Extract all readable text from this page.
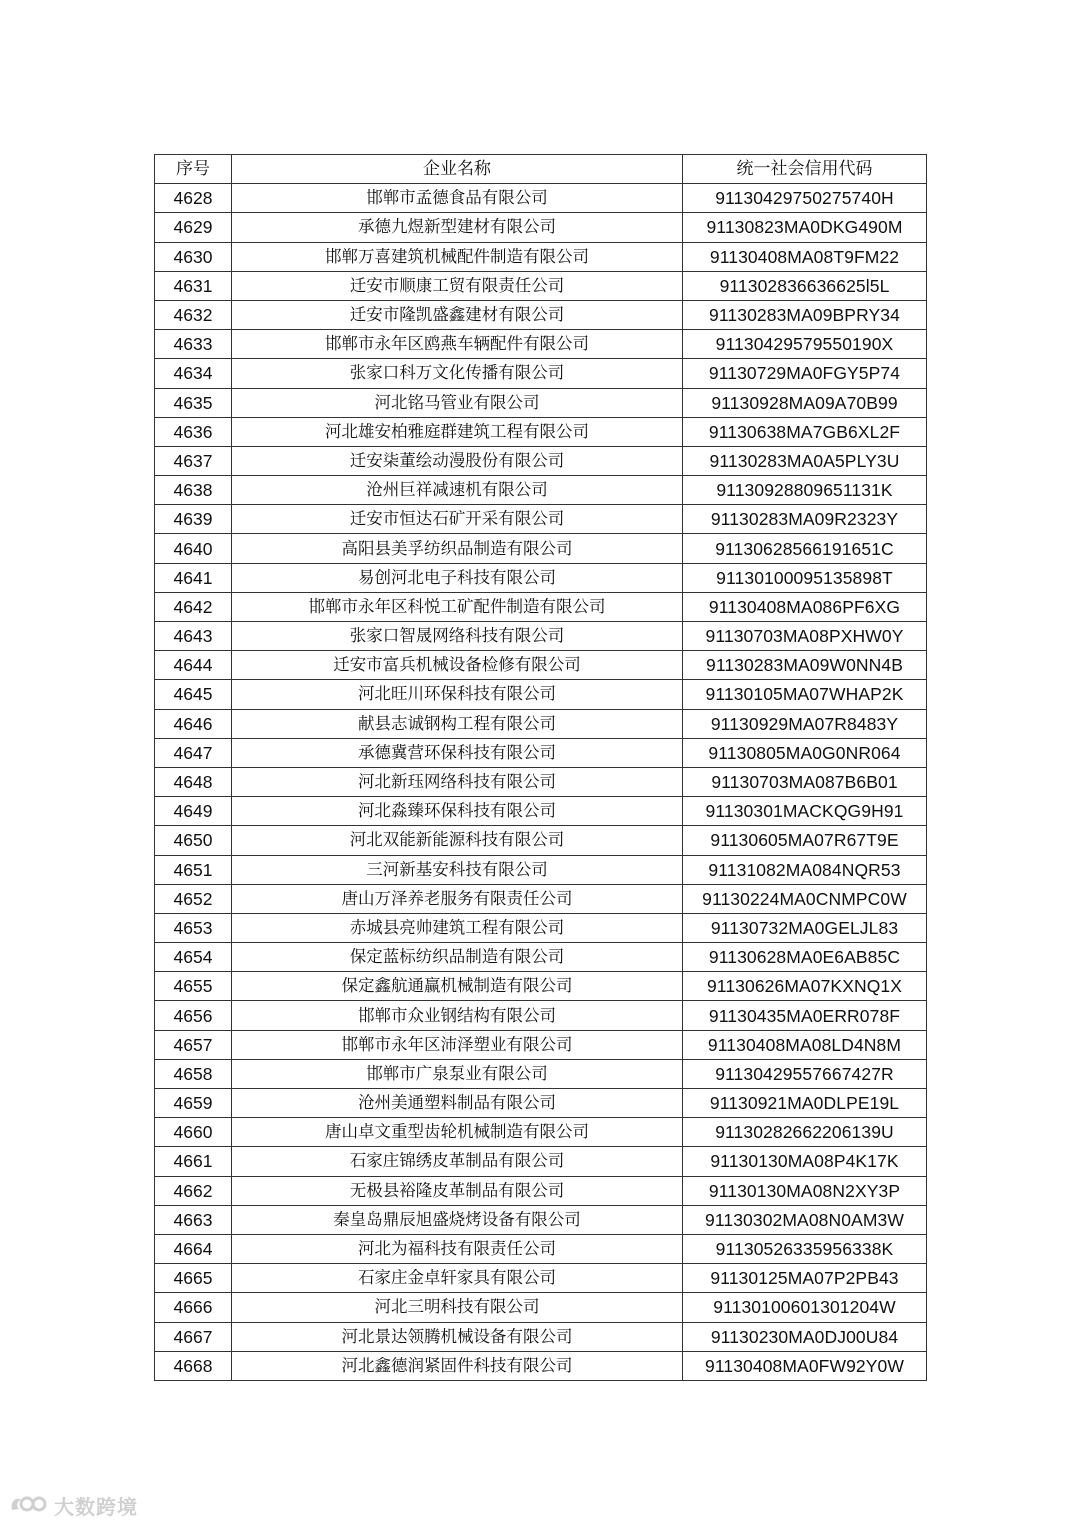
序号	企业名称	统一社会信用代码
4628	邯郸市孟德食品有限公司	91130429750275740H
4629	承德九煜新型建材有限公司	91130823MA0DKG490M
4630	邯郸万喜建筑机械配件制造有限公司	91130408MA08T9FM22
4631	迁安市顺康工贸有限责任公司	911302836636625l5L
4632	迁安市隆凯盛鑫建材有限公司	91130283MA09BPRY34
4633	邯郸市永年区鸥燕车辆配件有限公司	91130429579550190X
4634	张家口科万文化传播有限公司	91130729MA0FGY5P74
4635	河北铭马管业有限公司	91130928MA09A70B99
4636	河北雄安柏雅庭群建筑工程有限公司	91130638MA7GB6XL2F
4637	迁安柒董绘动漫股份有限公司	91130283MA0A5PLY3U
4638	沧州巨祥减速机有限公司	91130928809651131K
4639	迁安市恒达石矿开采有限公司	91130283MA09R2323Y
4640	高阳县美孚纺织品制造有限公司	91130628566191651C
4641	易创河北电子科技有限公司	91130100095135898T
4642	邯郸市永年区科悦工矿配件制造有限公司	91130408MA086PF6XG
4643	张家口智晟网络科技有限公司	91130703MA08PXHW0Y
4644	迁安市富兵机械设备检修有限公司	91130283MA09W0NN4B
4645	河北旺川环保科技有限公司	91130105MA07WHAP2K
4646	献县志诚钢构工程有限公司	91130929MA07R8483Y
4647	承德冀营环保科技有限公司	91130805MA0G0NR064
4648	河北新珏网络科技有限公司	91130703MA087B6B01
4649	河北淼臻环保科技有限公司	91130301MACKQG9H91
4650	河北双能新能源科技有限公司	91130605MA07R67T9E
4651	三河新基安科技有限公司	91131082MA084NQR53
4652	唐山万泽养老服务有限责任公司	91130224MA0CNMPC0W
4653	赤城县亮帅建筑工程有限公司	91130732MA0GELJL83
4654	保定蓝标纺织品制造有限公司	91130628MA0E6AB85C
4655	保定鑫航通赢机械制造有限公司	91130626MA07KXNQ1X
4656	邯郸市众业钢结构有限公司	91130435MA0ERR078F
4657	邯郸市永年区沛泽塑业有限公司	91130408MA08LD4N8M
4658	邯郸市广泉泵业有限公司	91130429557667427R
4659	沧州美通塑料制品有限公司	91130921MA0DLPE19L
4660	唐山卓文重型齿轮机械制造有限公司	91130282662206139U
4661	石家庄锦绣皮革制品有限公司	91130130MA08P4K17K
4662	无极县裕隆皮革制品有限公司	91130130MA08N2XY3P
4663	秦皇岛鼎辰旭盛烧烤设备有限公司	91130302MA08N0AM3W
4664	河北为福科技有限责任公司	91130526335956338K
4665	石家庄金卓轩家具有限公司	91130125MA07P2PB43
4666	河北三明科技有限公司	91130100601301204W
4667	河北景达领腾机械设备有限公司	91130230MA0DJ00U84
4668	河北鑫德润紧固件科技有限公司	91130408MA0FW92Y0W
大数跨境
